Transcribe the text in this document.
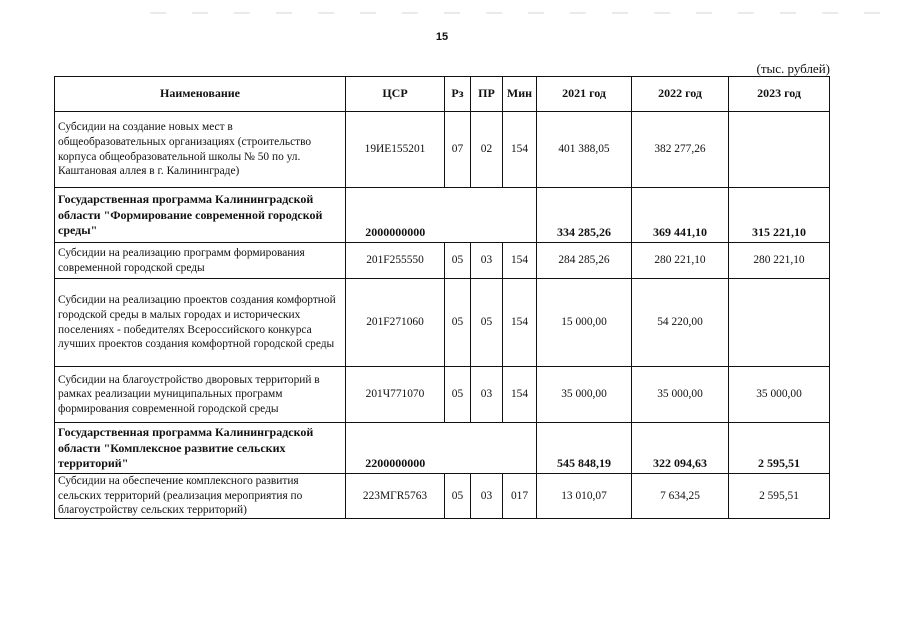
15
(тыс. рублей)
Наименование	ЦСР	Рз	ПР	Мин	2021 год	2022 год	2023 год
Субсидии на создание новых мест в общеобразовательных организациях (строительство корпуса общеобразовательной школы № 50 по ул. Каштановая аллея в г. Калининграде)	19ИЕ155201	07	02	154	401 388,05	382 277,26	
Государственная программа Калининградской области "Формирование современной городской среды"	2000000000				334 285,26	369 441,10	315 221,10
Субсидии на реализацию программ формирования современной городской среды	201F255550	05	03	154	284 285,26	280 221,10	280 221,10
Субсидии на реализацию проектов создания комфортной городской среды в малых городах и исторических поселениях - победителях Всероссийского конкурса лучших проектов создания комфортной городской среды	201F271060	05	05	154	15 000,00	54 220,00	
Субсидии на благоустройство дворовых территорий в рамках реализации муниципальных программ формирования современной городской среды	201Ч771070	05	03	154	35 000,00	35 000,00	35 000,00
Государственная программа Калининградской области "Комплексное развитие сельских территорий"	2200000000				545 848,19	322 094,63	2 595,51
Субсидии на обеспечение комплексного развития сельских территорий (реализация мероприятия по благоустройству сельских территорий)	223МГR5763	05	03	017	13 010,07	7 634,25	2 595,51
